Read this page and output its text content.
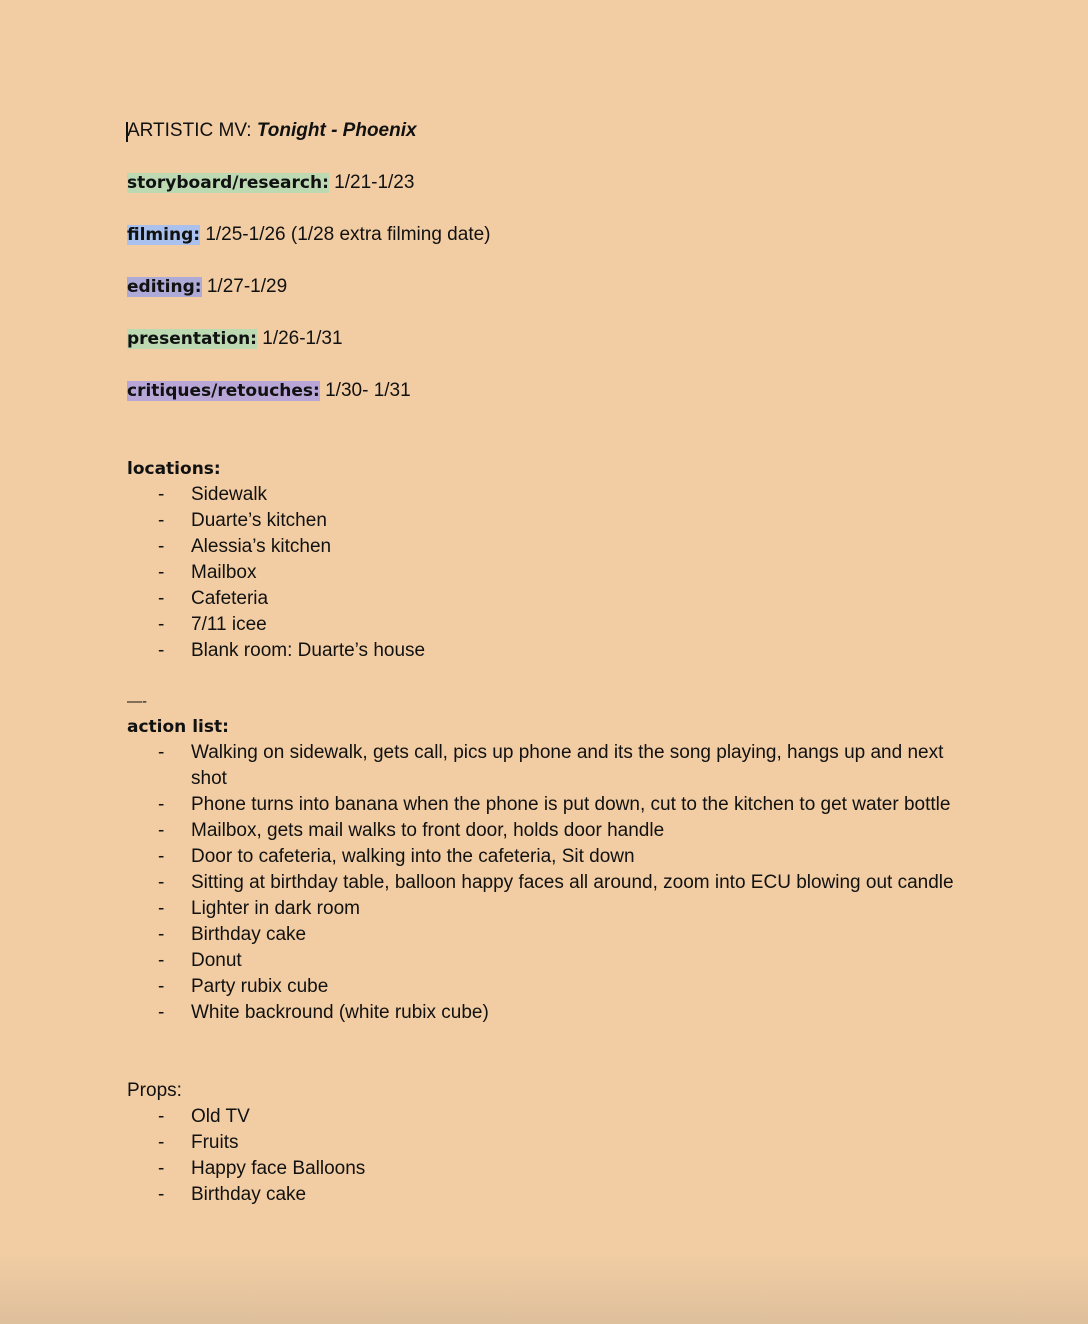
ARTISTIC MV: Tonight - Phoenix

storyboard/research: 1/21-1/23

filming: 1/25-1/26 (1/28 extra filming date)

editing: 1/27-1/29

presentation: 1/26-1/31

critiques/retouches: 1/30- 1/31

locations:
- Sidewalk
- Duarte’s kitchen
- Alessia’s kitchen
- Mailbox
- Cafeteria
- 7/11 icee
- Blank room: Duarte’s house
—-
action list:
- Walking on sidewalk, gets call, pics up phone and its the song playing, hangs up and next shot
- Phone turns into banana when the phone is put down, cut to the kitchen to get water bottle
- Mailbox, gets mail walks to front door, holds door handle
- Door to cafeteria, walking into the cafeteria, Sit down
- Sitting at birthday table, balloon happy faces all around, zoom into ECU blowing out candle
- Lighter in dark room
- Birthday cake
- Donut
- Party rubix cube
- White backround (white rubix cube)

Props:

- Old TV
- Fruits
- Happy face Balloons
- Birthday cake
